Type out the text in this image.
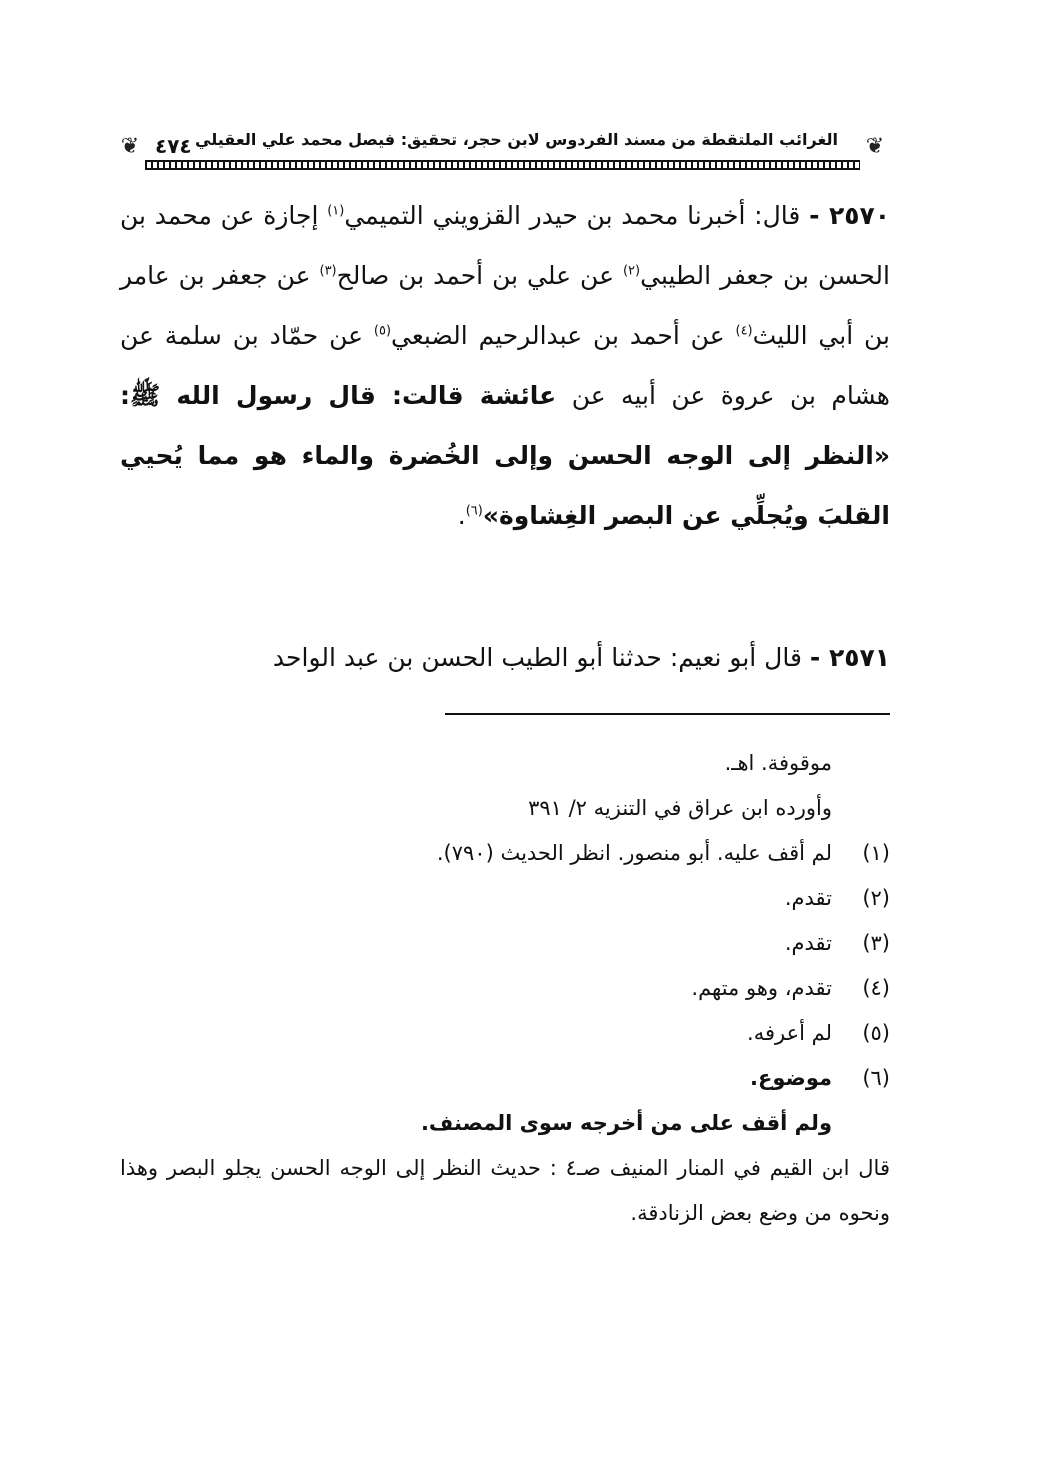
❦
الغرائب الملتقطة من مسند الفردوس لابن حجر، تحقيق: فيصل محمد علي العقيلي
٤٧٤
❦

٢٥٧٠ - قال: أخبرنا محمد بن حيدر القزويني التميمي$^{(١)}$ إجازة عن محمد بن الحسن بن جعفر الطيبي$^{(٢)}$ عن علي بن أحمد بن صالح$^{(٣)}$ عن جعفر بن عامر بن أبي الليث$^{(٤)}$ عن أحمد بن عبدالرحيم الضبعي$^{(٥)}$ عن حمّاد بن سلمة عن هشام بن عروة عن أبيه عن عائشة قالت: قال رسول الله ﷺ: «النظر إلى الوجه الحسن وإلى الخُضرة والماء هو مما يُحيي القلبَ ويُجلِّي عن البصر الغِشاوة»$^{(٦)}$.

٢٥٧١ - قال أبو نعيم: حدثنا أبو الطيب الحسن بن عبد الواحد
موقوفة. اهـ.
وأورده ابن عراق في التنزيه ٢/ ٣٩١
(١)لم أقف عليه. أبو منصور. انظر الحديث (٧٩٠).
(٢)تقدم.
(٣)تقدم.
(٤)تقدم، وهو متهم.
(٥)لم أعرفه.
(٦)موضوع.
ولم أقف على من أخرجه سوى المصنف.
قال ابن القيم في المنار المنيف صـ٤ : حديث النظر إلى الوجه الحسن يجلو البصر وهذا ونحوه من وضع بعض الزنادقة.
